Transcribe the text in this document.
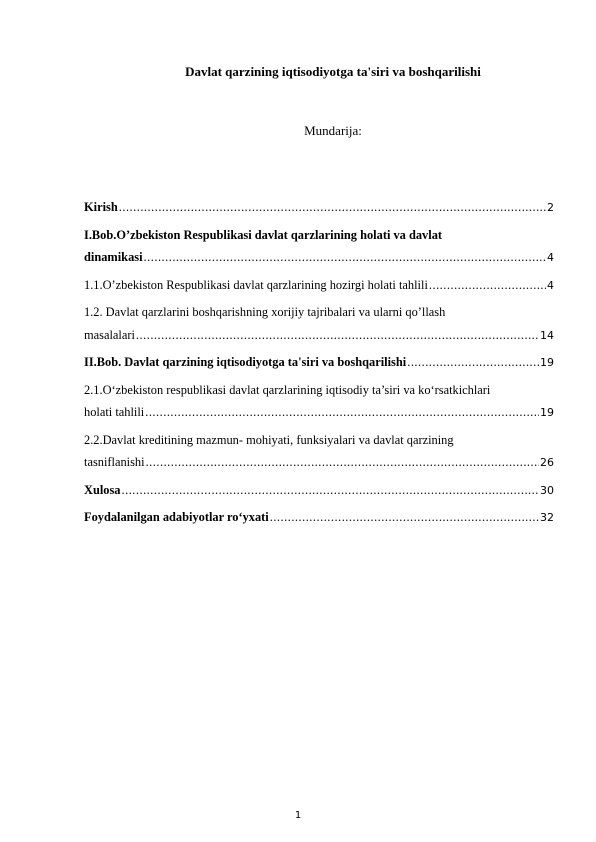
Davlat qarzining iqtisodiyotga ta'siri va boshqarilishi
Mundarija:
Kirish .....	2
I.Bob.O’zbekiston Respublikasi davlat qarzlarining holati va davlat
dinamikasi .....	4
1.1.O’zbekiston Respublikasi davlat qarzlarining hozirgi holati tahlili .....	4
1.2. Davlat qarzlarini boshqarishning xorijiy tajribalari va ularni qo’llash
masalalari .....	14
II.Bob. Davlat qarzining iqtisodiyotga ta'siri va boshqarilishi .....	19
2.1.O‘zbekiston respublikasi davlat qarzlarining iqtisodiy ta’siri va ko‘rsatkichlari
holati tahlili .....	19
2.2.Davlat kreditining mazmun- mohiyati, funksiyalari va davlat qarzining
tasniflanishi .....	26
Xulosa .....	30
Foydalanilgan adabiyotlar ro‘yxati .....	32
1
